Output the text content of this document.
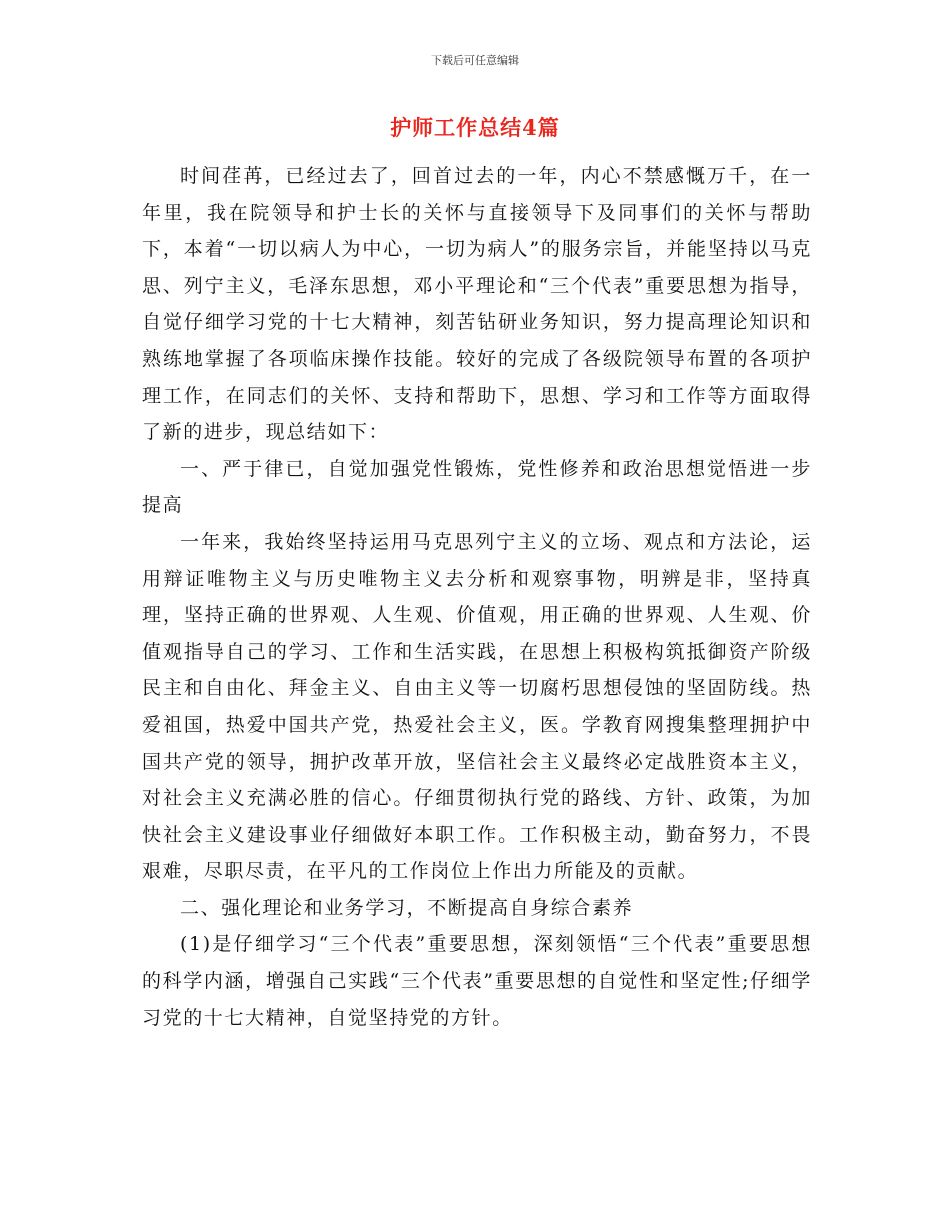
下载后可任意编辑
护师工作总结4篇

时间荏苒，已经过去了，回首过去的一年，内心不禁感慨万千，在一年里，我在院领导和护士长的关怀与直接领导下及同事们的关怀与帮助下，本着“一切以病人为中心，一切为病人”的服务宗旨，并能坚持以马克思、列宁主义，毛泽东思想，邓小平理论和“三个代表”重要思想为指导，自觉仔细学习党的十七大精神，刻苦钻研业务知识，努力提高理论知识和熟练地掌握了各项临床操作技能。较好的完成了各级院领导布置的各项护理工作，在同志们的关怀、支持和帮助下，思想、学习和工作等方面取得了新的进步，现总结如下：

一、严于律已，自觉加强党性锻炼，党性修养和政治思想觉悟进一步提高

一年来，我始终坚持运用马克思列宁主义的立场、观点和方法论，运用辩证唯物主义与历史唯物主义去分析和观察事物，明辨是非，坚持真理，坚持正确的世界观、人生观、价值观，用正确的世界观、人生观、价值观指导自己的学习、工作和生活实践，在思想上积极构筑抵御资产阶级民主和自由化、拜金主义、自由主义等一切腐朽思想侵蚀的坚固防线。热爱祖国，热爱中国共产党，热爱社会主义，医。学教育网搜集整理拥护中国共产党的领导，拥护改革开放，坚信社会主义最终必定战胜资本主义，对社会主义充满必胜的信心。仔细贯彻执行党的路线、方针、政策，为加快社会主义建设事业仔细做好本职工作。工作积极主动，勤奋努力，不畏艰难，尽职尽责，在平凡的工作岗位上作出力所能及的贡献。

二、强化理论和业务学习，不断提高自身综合素养

(1)是仔细学习“三个代表”重要思想，深刻领悟“三个代表”重要思想的科学内涵，增强自己实践“三个代表”重要思想的自觉性和坚定性;仔细学习党的十七大精神，自觉坚持党的方针。
